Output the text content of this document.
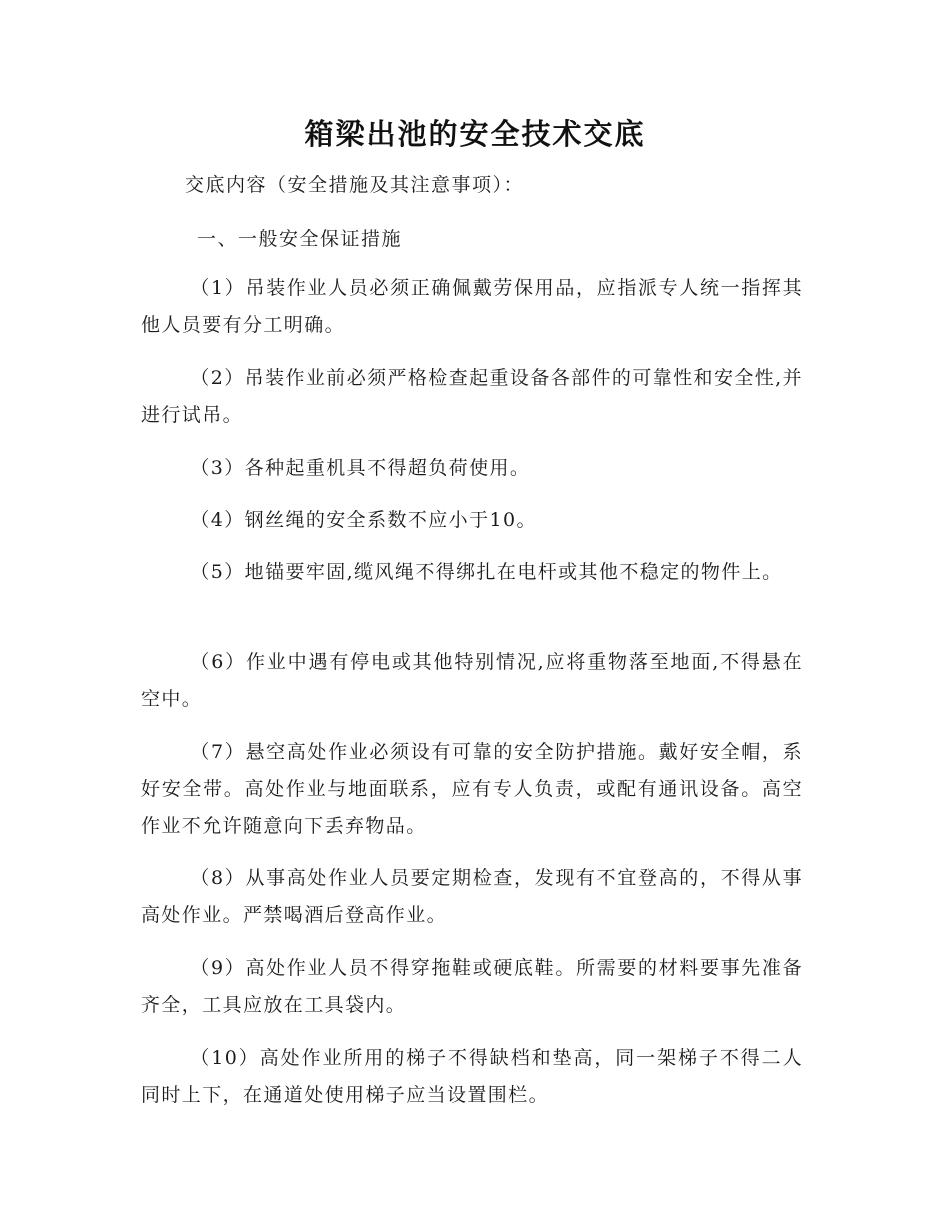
箱梁出池的安全技术交底
交底内容（安全措施及其注意事项）：
一、一般安全保证措施
（1）吊装作业人员必须正确佩戴劳保用品，应指派专人统一指挥其他人员要有分工明确。
（2）吊装作业前必须严格检查起重设备各部件的可靠性和安全性,并进行试吊。
（3）各种起重机具不得超负荷使用。
（4）钢丝绳的安全系数不应小于10。
（5）地锚要牢固,缆风绳不得绑扎在电杆或其他不稳定的物件上。
（6）作业中遇有停电或其他特别情况,应将重物落至地面,不得悬在空中。
（7）悬空高处作业必须设有可靠的安全防护措施。戴好安全帽，系好安全带。高处作业与地面联系，应有专人负责，或配有通讯设备。高空作业不允许随意向下丢弃物品。
（8）从事高处作业人员要定期检查，发现有不宜登高的，不得从事高处作业。严禁喝酒后登高作业。
（9）高处作业人员不得穿拖鞋或硬底鞋。所需要的材料要事先准备齐全，工具应放在工具袋内。
（10）高处作业所用的梯子不得缺档和垫高，同一架梯子不得二人同时上下，在通道处使用梯子应当设置围栏。
